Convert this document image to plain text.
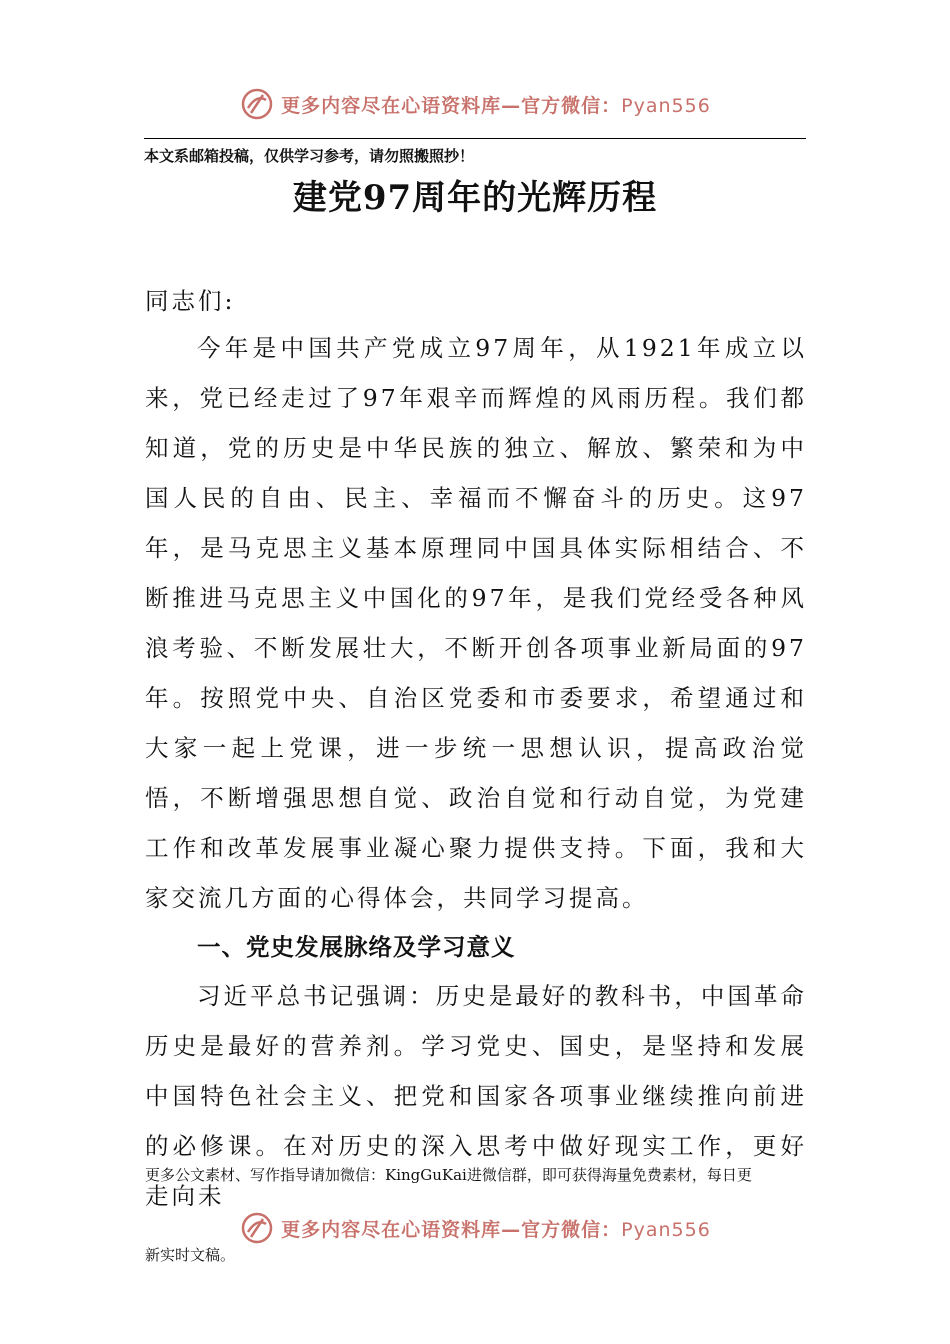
更多内容尽在心语资料库—官方微信：Pyan556
本文系邮箱投稿，仅供学习参考，请勿照搬照抄！
建党97周年的光辉历程
同志们:
今年是中国共产党成立97周年，从1921年成立以来，党已经走过了97年艰辛而辉煌的风雨历程。我们都知道，党的历史是中华民族的独立、解放、繁荣和为中国人民的自由、民主、幸福而不懈奋斗的历史。这97年，是马克思主义基本原理同中国具体实际相结合、不断推进马克思主义中国化的97年，是我们党经受各种风浪考验、不断发展壮大，不断开创各项事业新局面的97年。按照党中央、自治区党委和市委要求，希望通过和大家一起上党课，进一步统一思想认识，提高政治觉悟，不断增强思想自觉、政治自觉和行动自觉，为党建工作和改革发展事业凝心聚力提供支持。下面，我和大家交流几方面的心得体会，共同学习提高。
一、党史发展脉络及学习意义
习近平总书记强调：历史是最好的教科书，中国革命历史是最好的营养剂。学习党史、国史，是坚持和发展中国特色社会主义、把党和国家各项事业继续推向前进的必修课。在对历史的深入思考中做好现实工作，更好走向未
更多公文素材、写作指导请加微信：KingGuKai进微信群，即可获得海量免费素材，每日更
更多内容尽在心语资料库—官方微信：Pyan556
新实时文稿。
